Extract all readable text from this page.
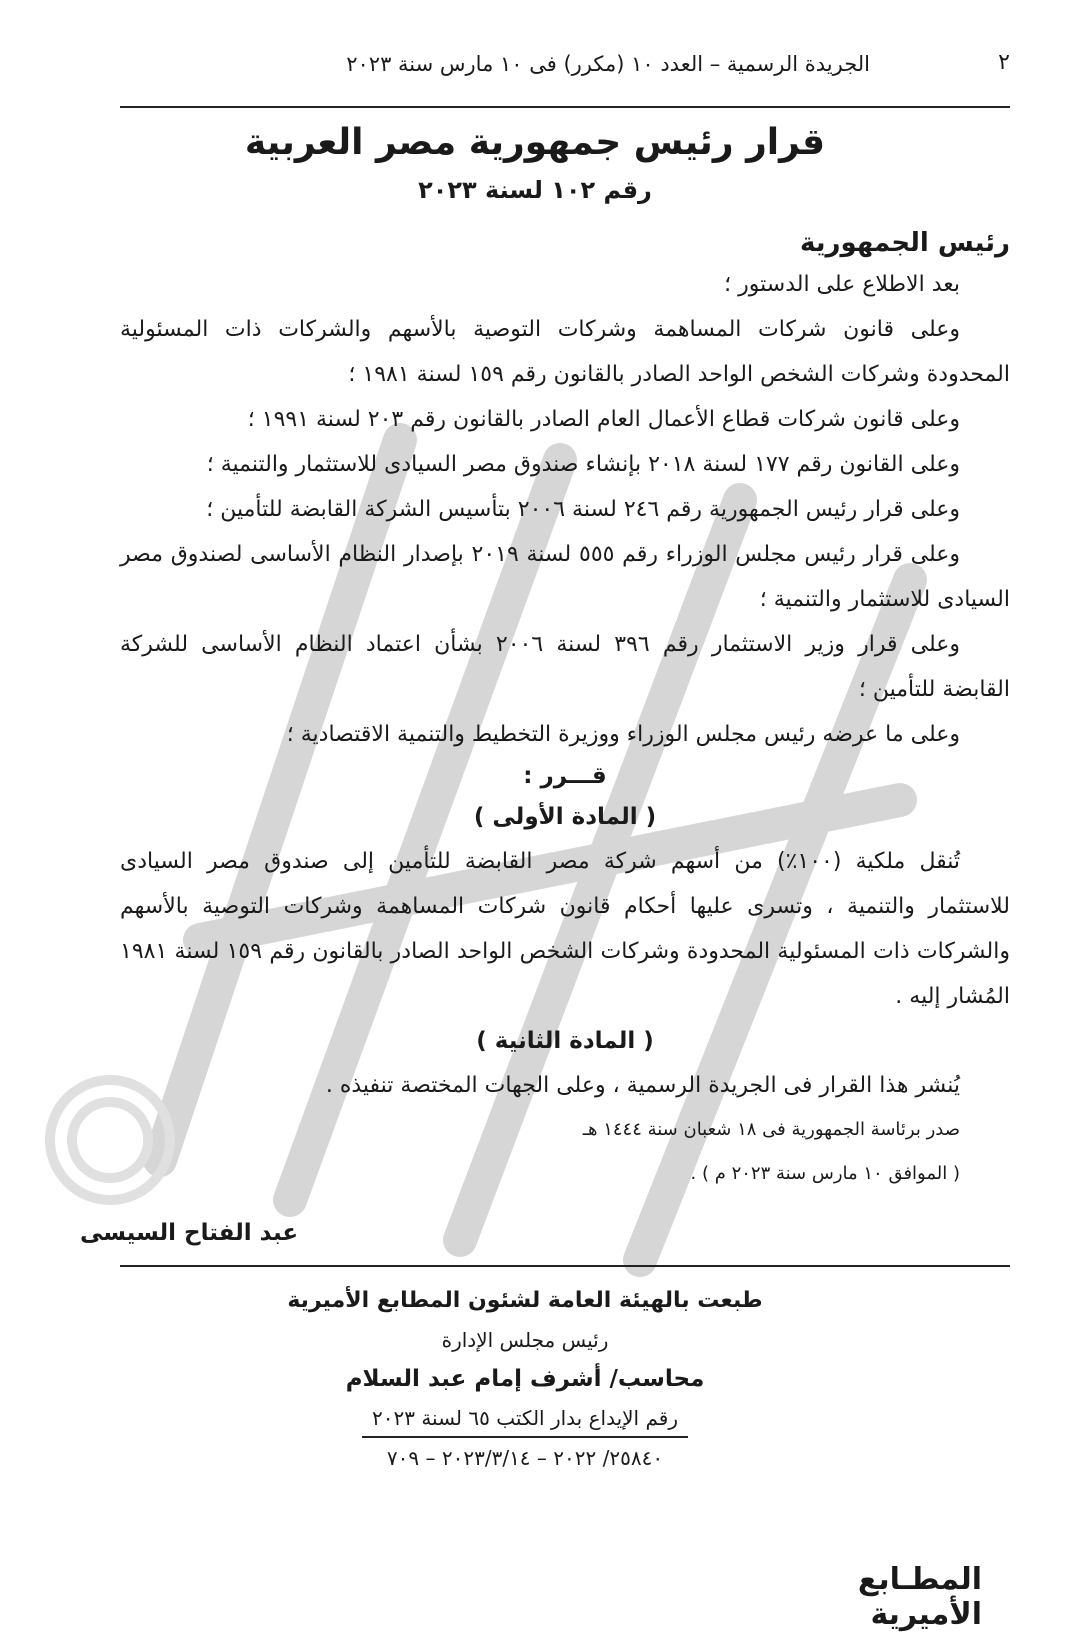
٢
الجريدة الرسمية – العدد ١٠ (مكرر) فى ١٠ مارس سنة ٢٠٢٣
قرار رئيس جمهورية مصر العربية
رقم ١٠٢ لسنة ٢٠٢٣

رئيس الجمهورية

بعد الاطلاع على الدستور ؛

وعلى قانون شركات المساهمة وشركات التوصية بالأسهم والشركات ذات المسئولية المحدودة وشركات الشخص الواحد الصادر بالقانون رقم ١٥٩ لسنة ١٩٨١ ؛

وعلى قانون شركات قطاع الأعمال العام الصادر بالقانون رقم ٢٠٣ لسنة ١٩٩١ ؛

وعلى القانون رقم ١٧٧ لسنة ٢٠١٨ بإنشاء صندوق مصر السيادى للاستثمار والتنمية ؛

وعلى قرار رئيس الجمهورية رقم ٢٤٦ لسنة ٢٠٠٦ بتأسيس الشركة القابضة للتأمين ؛

وعلى قرار رئيس مجلس الوزراء رقم ٥٥٥ لسنة ٢٠١٩ بإصدار النظام الأساسى لصندوق مصر السيادى للاستثمار والتنمية ؛

وعلى قرار وزير الاستثمار رقم ٣٩٦ لسنة ٢٠٠٦ بشأن اعتماد النظام الأساسى للشركة القابضة للتأمين ؛

وعلى ما عرضه رئيس مجلس الوزراء ووزيرة التخطيط والتنمية الاقتصادية ؛

قـــرر :

( المادة الأولى )

تُنقل ملكية (١٠٠٪) من أسهم شركة مصر القابضة للتأمين إلى صندوق مصر السيادى للاستثمار والتنمية ، وتسرى عليها أحكام قانون شركات المساهمة وشركات التوصية بالأسهم والشركات ذات المسئولية المحدودة وشركات الشخص الواحد الصادر بالقانون رقم ١٥٩ لسنة ١٩٨١ المُشار إليه .

( المادة الثانية )

يُنشر هذا القرار فى الجريدة الرسمية ، وعلى الجهات المختصة تنفيذه .

صدر برئاسة الجمهورية فى ١٨ شعبان سنة ١٤٤٤ هـ

( الموافق ١٠ مارس سنة ٢٠٢٣ م ) .

عبد الفتاح السيسى
طبعت بالهيئة العامة لشئون المطابع الأميرية
رئيس مجلس الإدارة
محاسب/ أشرف إمام عبد السلام
رقم الإيداع بدار الكتب ٦٥ لسنة ٢٠٢٣
٢٥٨٤٠/ ٢٠٢٢ – ٢٠٢٣/٣/١٤ – ٧٠٩
المطـابع الأميرية
